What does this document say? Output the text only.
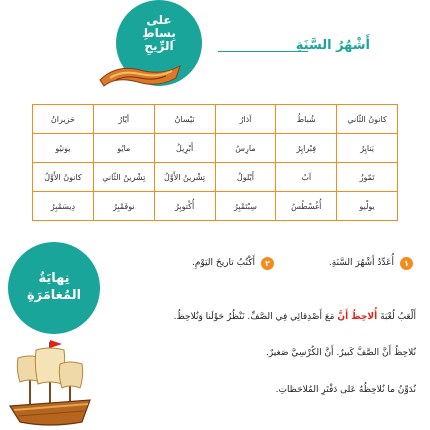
أَشْهُرُ السَّنَةِ
على
بِساطِ
الرِّيحِ
كانونُ الثّاني	شُباطُ	آذارُ	نَيْسانُ	أيّارُ	حَزيرانُ
يَنايِرُ	فِبْرايِرُ	مارِسُ	أَبْرِيلُ	مايُو	يونيُو
تَمّوزُ	آبُ	أَيْلولُ	تِشْرينُ الأَوَّلُ	تِشْرينُ الثّاني	كانونُ الأَوَّلُ
يولْيو	أُغُسْطُسُ	سِبْتَمْبِرُ	أُكْتوبِرُ	نوفَمْبِرُ	دِيسَمْبِرُ
١
أُعَدِّدُ أَشْهُرَ السَّنَةِ.
٢
أَكْتُبُ تاريخَ اليَوْمِ.
نِهايَةُ
المُغامَرَةِ
أَلْعَبُ لُعْبَةَ أُلاحِظُ أَنَّ مَعَ أَصْدِقائِي فِي الصَّفِّ. نَنْظُرُ حَوْلَنا وَنُلاحِظُ.
نُلاحِظُ أَنَّ الصَّفَّ كَبيرٌ. أَنَّ الكُرْسِيَّ صَغيرٌ.
نُدَوِّنُ ما نُلاحِظُهُ عَلى دَفْتَرِ المُلاحَظاتِ.
